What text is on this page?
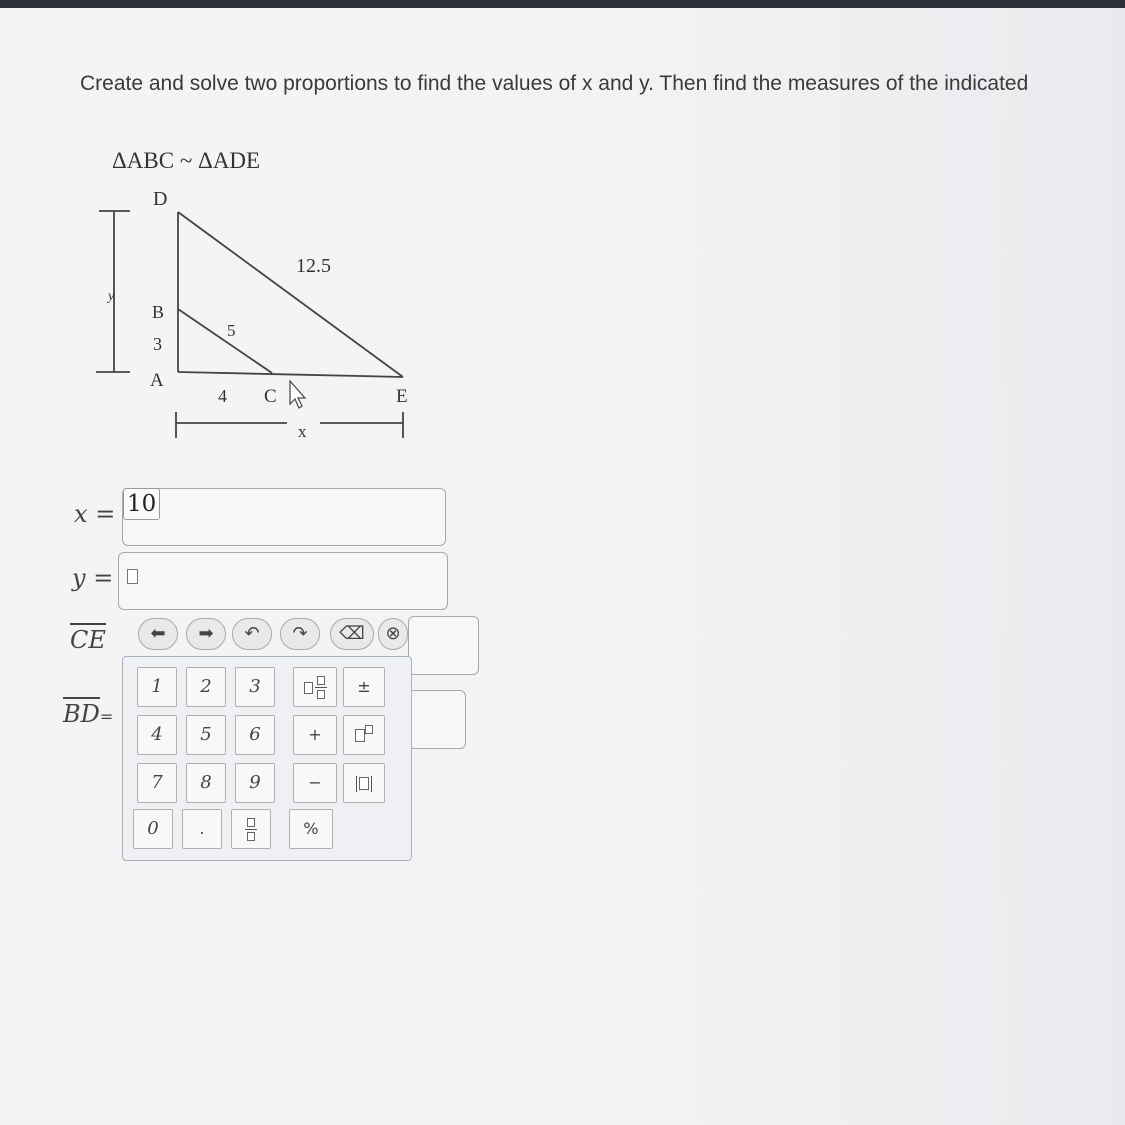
Create and solve two proportions to find the values of x and y. Then find the measures of the indicated
ΔABC ~ ΔADE
y
D
B
A
C	E
12.5
5
3
4
x
x = 10
y =
CE
BD=
⬅	➡	↶	↷	⌫	⊗
1	2	3	±
4	5	6	+
7	8	9	−
0	.	%
